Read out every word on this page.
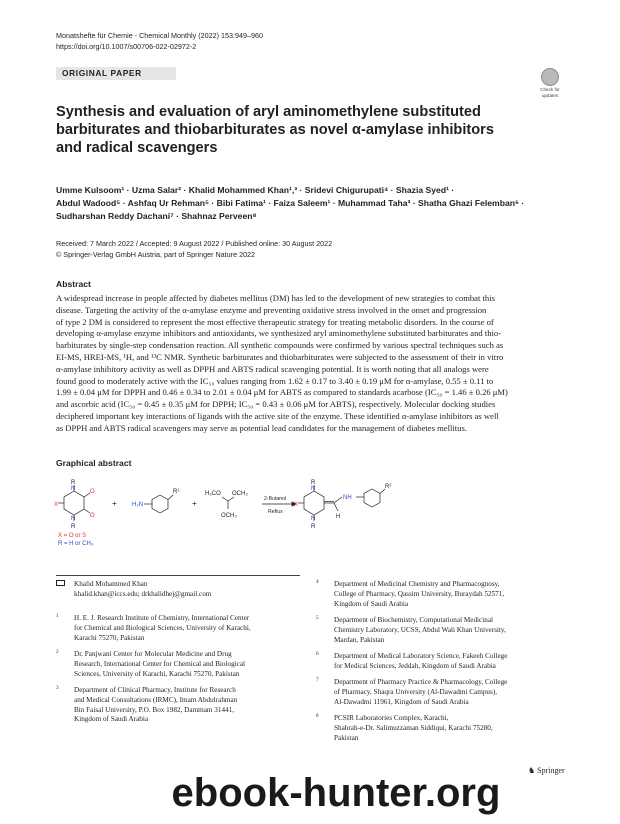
Monatshefte für Chemie - Chemical Monthly (2022) 153:949–960
https://doi.org/10.1007/s00706-022-02972-2
ORIGINAL PAPER
Check for
updates
Synthesis and evaluation of aryl aminomethylene substituted
barbiturates and thiobarbiturates as novel α-amylase inhibitors
and radical scavengers
Umme Kulsoom¹ · Uzma Salar² · Khalid Mohammed Khan¹,³ · Sridevi Chigurupati⁴ · Shazia Syed¹ ·
Abdul Wadood⁵ · Ashfaq Ur Rehman⁵ · Bibi Fatima¹ · Faiza Saleem¹ · Muhammad Taha³ · Shatha Ghazi Felemban⁶ ·
Sudharshan Reddy Dachani⁷ · Shahnaz Perveen⁸
Received: 7 March 2022 / Accepted: 9 August 2022 / Published online: 30 August 2022
© Springer-Verlag GmbH Austria, part of Springer Nature 2022
Abstract
A widespread increase in people affected by diabetes mellitus (DM) has led to the development of new strategies to combat this
disease. Targeting the activity of the α-amylase enzyme and preventing oxidative stress involved in the onset and progression
of type 2 DM is considered to represent the most effective therapeutic strategy for treating metabolic disorders. In the course of
developing α-amylase enzyme inhibitors and antioxidants, we synthesized aryl aminomethylene substituted barbiturates and thio-
barbiturates by single-step condensation reaction. All synthetic compounds were confirmed by various spectral techniques such as
EI-MS, HREI-MS, ¹H, and ¹³C NMR. Synthetic barbiturates and thiobarbiturates were subjected to the assessment of their in vitro
α-amylase inhibitory activity as well as DPPH and ABTS radical scavenging potential. It is worth noting that all analogs were
found good to moderately active with the IC₅₀ values ranging from 1.62 ± 0.17 to 3.40 ± 0.19 μM for α-amylase, 0.55 ± 0.11 to
1.99 ± 0.04 μM for DPPH and 0.46 ± 0.34 to 2.01 ± 0.04 μM for ABTS as compared to standards acarbose (IC₅₀ = 1.46 ± 0.26 μM)
and ascorbic acid (IC₅₀ = 0.45 ± 0.35 μM for DPPH; IC₅₀ = 0.43 ± 0.06 μM for ABTS), respectively. Molecular docking studies
deciphered important key interactions of ligands with the active site of the enzyme. These identified α-amylase inhibitors as well
as DPPH and ABTS radical scavengers may serve as potential lead candidates for the management of diabetes mellitus.
Graphical abstract
R
R
X
O
O
N
N
+	H₂N
R¹
+
H₃CO OCH₃
OCH₃
2-Butanol
Reflux
R
R
X
N
N
NH
H
R¹
X = O or S
R = H or CH₃
Khalid Mohammed Khan
khalid.khan@iccs.edu; drkhalidhej@gmail.com
1 H. E. J. Research Institute of Chemistry, International Center
for Chemical and Biological Sciences, University of Karachi,
Karachi 75270, Pakistan
2 Dr. Panjwani Center for Molecular Medicine and Drug
Research, International Center for Chemical and Biological
Sciences, University of Karachi, Karachi 75270, Pakistan
3 Department of Clinical Pharmacy, Institute for Research
and Medical Consultations (IRMC), Imam Abdulrahman
Bin Faisal University, P.O. Box 1982, Dammam 31441,
Kingdom of Saudi Arabia
4 Department of Medicinal Chemistry and Pharmacognosy,
College of Pharmacy, Qassim University, Buraydah 52571,
Kingdom of Saudi Arabia
5 Department of Biochemistry, Computational Medicinal
Chemistry Laboratory, UCSS, Abdul Wali Khan University,
Mardan, Pakistan
6 Department of Medical Laboratory Science, Fakeeh College
for Medical Sciences, Jeddah, Kingdom of Saudi Arabia
7 Department of Pharmacy Practice & Pharmacology, College
of Pharmacy, Shaqra University (Al-Dawadmi Campus),
Al-Dawadmi 11961, Kingdom of Saudi Arabia
8 PCSIR Laboratories Complex, Karachi,
Shahrah-e-Dr. Salimuzzaman Siddiqui, Karachi 75280,
Pakistan
ebook-hunter.org
♞ Springer
